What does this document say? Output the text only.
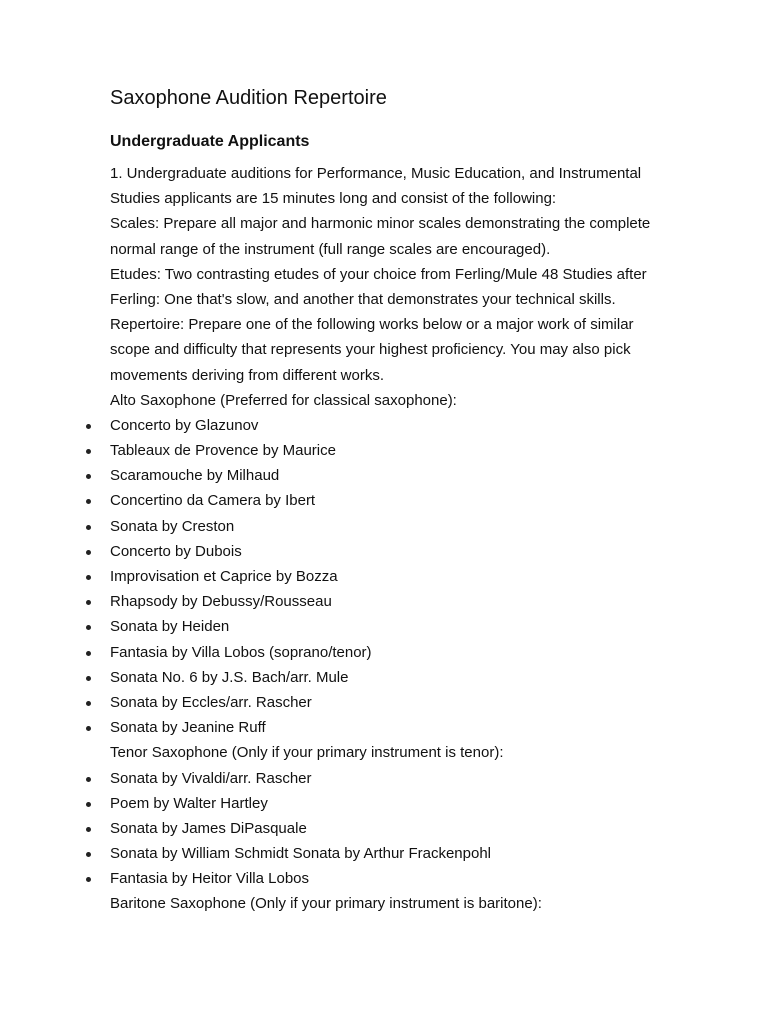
Saxophone Audition Repertoire
Undergraduate Applicants
1. Undergraduate auditions for Performance, Music Education, and Instrumental
Studies applicants are 15 minutes long and consist of the following:
Scales: Prepare all major and harmonic minor scales demonstrating the complete
normal range of the instrument (full range scales are encouraged).
Etudes: Two contrasting etudes of your choice from Ferling/Mule 48 Studies after
Ferling: One that's slow, and another that demonstrates your technical skills.
Repertoire: Prepare one of the following works below or a major work of similar
scope and difficulty that represents your highest proficiency. You may also pick
movements deriving from different works.
Alto Saxophone (Preferred for classical saxophone):
Concerto by Glazunov
Tableaux de Provence by Maurice
Scaramouche by Milhaud
Concertino da Camera by Ibert
Sonata by Creston
Concerto by Dubois
Improvisation et Caprice by Bozza
Rhapsody by Debussy/Rousseau
Sonata by Heiden
Fantasia by Villa Lobos (soprano/tenor)
Sonata No. 6 by J.S. Bach/arr. Mule
Sonata by Eccles/arr. Rascher
Sonata by Jeanine Ruff
Tenor Saxophone (Only if your primary instrument is tenor):
Sonata by Vivaldi/arr. Rascher
Poem by Walter Hartley
Sonata by James DiPasquale
Sonata by William Schmidt Sonata by Arthur Frackenpohl
Fantasia by Heitor Villa Lobos
Baritone Saxophone (Only if your primary instrument is baritone):
